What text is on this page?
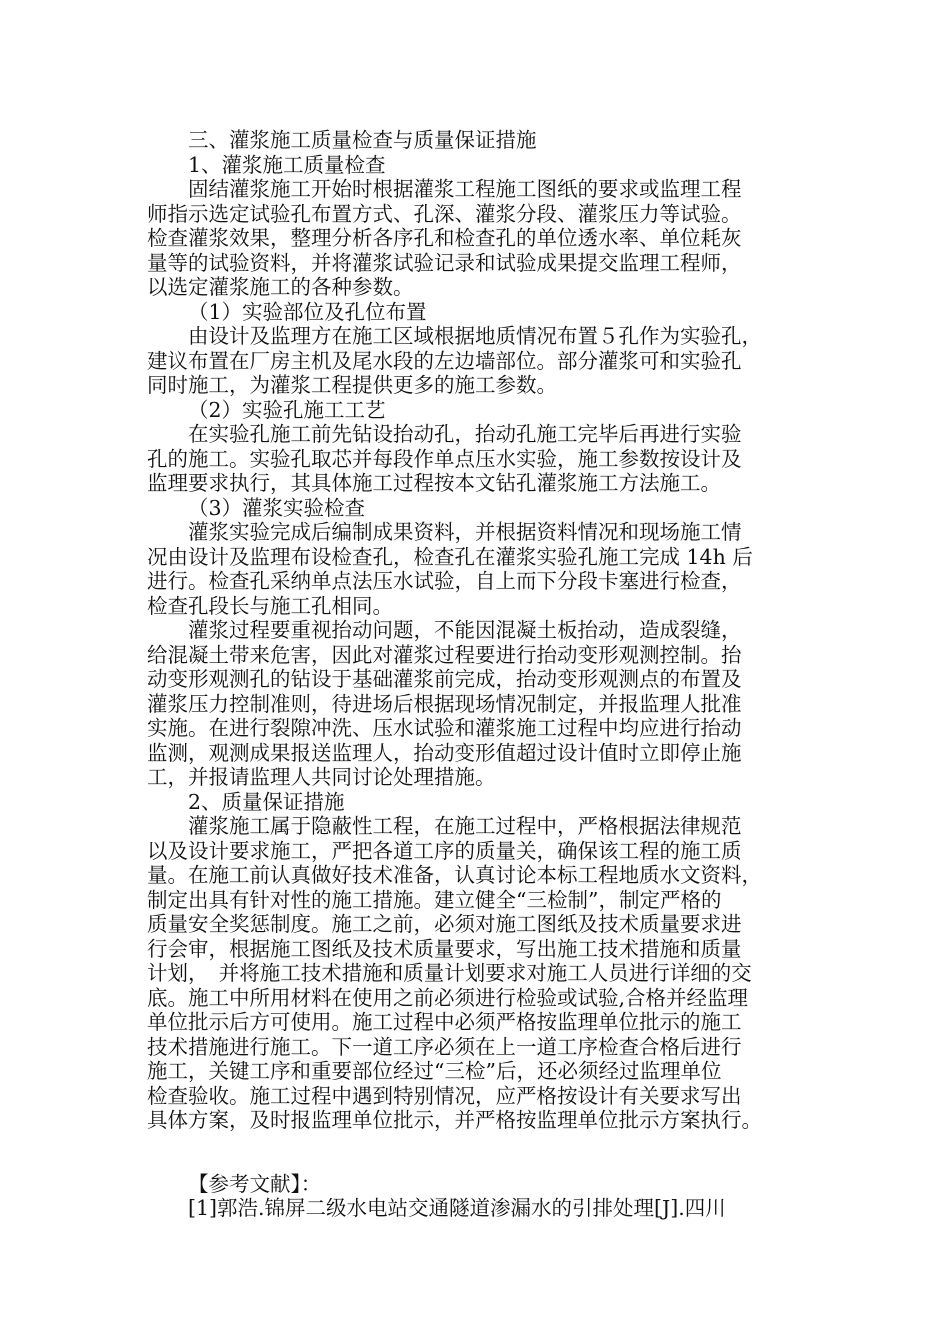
三、灌浆施工质量检查与质量保证措施
1、灌浆施工质量检查
固结灌浆施工开始时根据灌浆工程施工图纸的要求或监理工程
师指示选定试验孔布置方式、孔深、灌浆分段、灌浆压力等试验。
检查灌浆效果，整理分析各序孔和检查孔的单位透水率、单位耗灰
量等的试验资料，并将灌浆试验记录和试验成果提交监理工程师，
以选定灌浆施工的各种参数。
（1）实验部位及孔位布置
由设计及监理方在施工区域根据地质情况布置５孔作为实验孔，
建议布置在厂房主机及尾水段的左边墙部位。部分灌浆可和实验孔
同时施工，为灌浆工程提供更多的施工参数。
（2）实验孔施工工艺
在实验孔施工前先钻设抬动孔，抬动孔施工完毕后再进行实验
孔的施工。实验孔取芯并每段作单点压水实验，施工参数按设计及
监理要求执行，其具体施工过程按本文钻孔灌浆施工方法施工。
（3）灌浆实验检查
灌浆实验完成后编制成果资料，并根据资料情况和现场施工情
况由设计及监理布设检查孔，检查孔在灌浆实验孔施工完成 14h 后
进行。检查孔采纳单点法压水试验，自上而下分段卡塞进行检查，
检查孔段长与施工孔相同。
灌浆过程要重视抬动问题，不能因混凝土板抬动，造成裂缝，
给混凝土带来危害，因此对灌浆过程要进行抬动变形观测控制。抬
动变形观测孔的钻设于基础灌浆前完成，抬动变形观测点的布置及
灌浆压力控制准则，待进场后根据现场情况制定，并报监理人批准
实施。在进行裂隙冲洗、压水试验和灌浆施工过程中均应进行抬动
监测，观测成果报送监理人，抬动变形值超过设计值时立即停止施
工，并报请监理人共同讨论处理措施。
2、质量保证措施
灌浆施工属于隐蔽性工程，在施工过程中，严格根据法律规范
以及设计要求施工，严把各道工序的质量关，确保该工程的施工质
量。在施工前认真做好技术准备，认真讨论本标工程地质水文资料，
制定出具有针对性的施工措施。建立健全“三检制”，制定严格的
质量安全奖惩制度。施工之前，必须对施工图纸及技术质量要求进
行会审，根据施工图纸及技术质量要求，写出施工技术措施和质量
计划，　并将施工技术措施和质量计划要求对施工人员进行详细的交
底。施工中所用材料在使用之前必须进行检验或试验,合格并经监理
单位批示后方可使用。施工过程中必须严格按监理单位批示的施工
技术措施进行施工。下一道工序必须在上一道工序检查合格后进行
施工，关键工序和重要部位经过“三检”后，还必须经过监理单位
检查验收。施工过程中遇到特别情况，应严格按设计有关要求写出
具体方案，及时报监理单位批示，并严格按监理单位批示方案执行。
【参考文献】：
[1]郭浩.锦屏二级水电站交通隧道渗漏水的引排处理[J].四川
